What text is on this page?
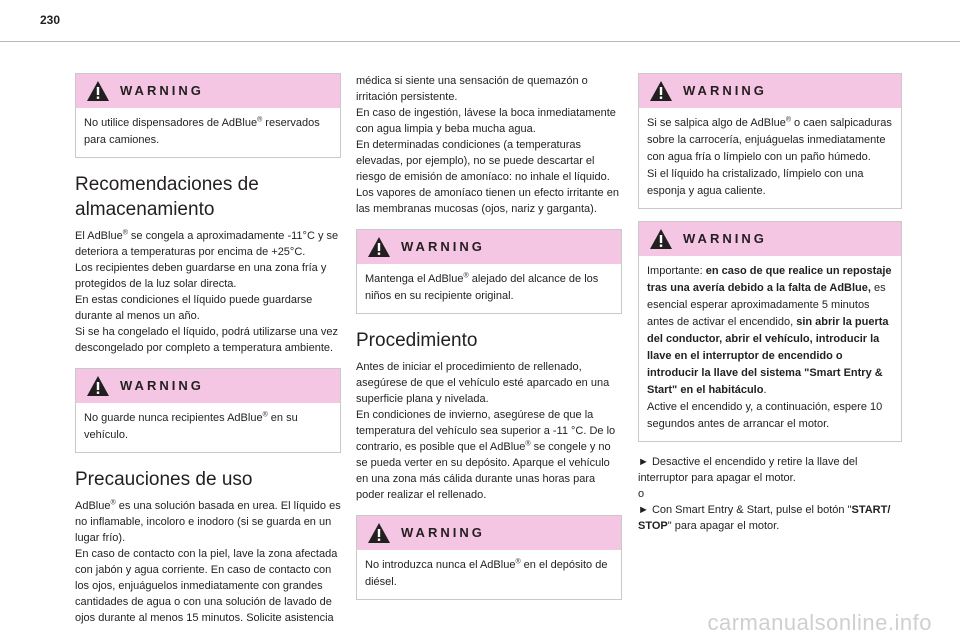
230
WARNING
No utilice dispensadores de AdBlue® reservados para camiones.
Recomendaciones de almacenamiento

El AdBlue® se congela a aproximadamente -11°C y se deteriora a temperaturas por encima de +25°C.

Los recipientes deben guardarse en una zona fría y protegidos de la luz solar directa.

En estas condiciones el líquido puede guardarse durante al menos un año.

Si se ha congelado el líquido, podrá utilizarse una vez descongelado por completo a temperatura ambiente.

WARNING
No guarde nunca recipientes AdBlue® en su vehículo.
Precauciones de uso

AdBlue® es una solución basada en urea. El líquido es no inflamable, incoloro e inodoro (si se guarda en un lugar frío).

En caso de contacto con la piel, lave la zona afectada con jabón y agua corriente. En caso de contacto con los ojos, enjuáguelos inmediatamente con grandes cantidades de agua o con una solución de lavado de ojos durante al menos 15 minutos. Solicite asistencia

médica si siente una sensación de quemazón o irritación persistente.

En caso de ingestión, lávese la boca inmediatamente con agua limpia y beba mucha agua.

En determinadas condiciones (a temperaturas elevadas, por ejemplo), no se puede descartar el riesgo de emisión de amoníaco: no inhale el líquido. Los vapores de amoníaco tienen un efecto irritante en las membranas mucosas (ojos, nariz y garganta).

WARNING
Mantenga el AdBlue® alejado del alcance de los niños en su recipiente original.
Procedimiento

Antes de iniciar el procedimiento de rellenado, asegúrese de que el vehículo esté aparcado en una superficie plana y nivelada.

En condiciones de invierno, asegúrese de que la temperatura del vehículo sea superior a -11 °C. De lo contrario, es posible que el AdBlue® se congele y no se pueda verter en su depósito. Aparque el vehículo en una zona más cálida durante unas horas para poder realizar el rellenado.

WARNING
No introduzca nunca el AdBlue® en el depósito de diésel.
WARNING

Si se salpica algo de AdBlue® o caen salpicaduras sobre la carrocería, enjuáguelas inmediatamente con agua fría o límpielo con un paño húmedo.

Si el líquido ha cristalizado, límpielo con una esponja y agua caliente.

WARNING

Importante: en caso de que realice un repostaje tras una avería debido a la falta de AdBlue, es esencial esperar aproximadamente 5 minutos antes de activar el encendido, sin abrir la puerta del conductor, abrir el vehículo, introducir la llave en el interruptor de encendido o introducir la llave del sistema "Smart Entry & Start" en el habitáculo.

Active el encendido y, a continuación, espere 10 segundos antes de arrancar el motor.

► Desactive el encendido y retire la llave del interruptor para apagar el motor.

o

► Con Smart Entry & Start, pulse el botón "START/ STOP" para apagar el motor.

carmanualsonline.info
